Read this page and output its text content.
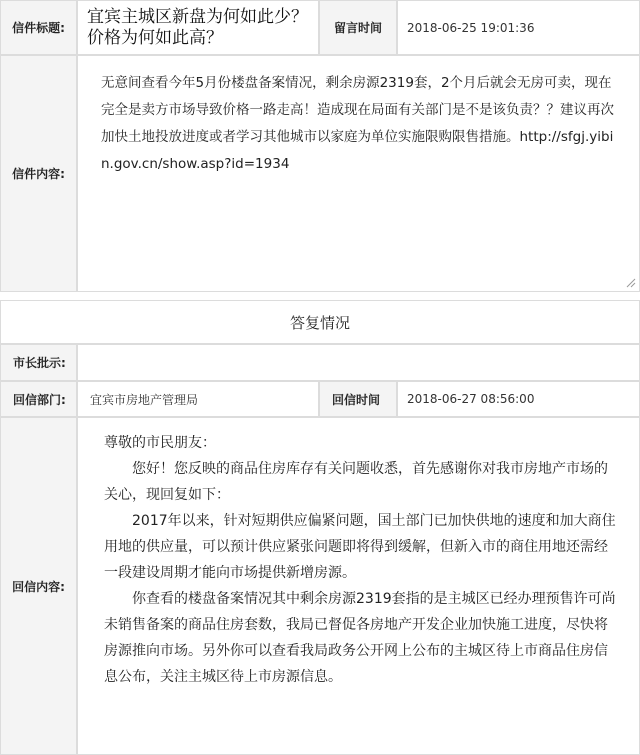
信件标题:
宜宾主城区新盘为何如此少？价格为何如此高？	留言时间	2018-06-25 19:01:36
信件内容:
无意间查看今年5月份楼盘备案情况，剩余房源2319套，2个月后就会无房可卖，现在完全是卖方市场导致价格一路走高！造成现在局面有关部门是不是该负责？？建议再次加快土地投放进度或者学习其他城市以家庭为单位实施限购限售措施。http://sfgj.yibin.gov.cn/show.asp?id=1934
答复情况
市长批示:
回信部门:	宜宾市房地产管理局	回信时间	2018-06-27 08:56:00
回信内容:

尊敬的市民朋友：

您好！您反映的商品住房库存有关问题收悉，首先感谢你对我市房地产市场的关心，现回复如下：

2017年以来，针对短期供应偏紧问题，国土部门已加快供地的速度和加大商住用地的供应量，可以预计供应紧张问题即将得到缓解，但新入市的商住用地还需经一段建设周期才能向市场提供新增房源。

你查看的楼盘备案情况其中剩余房源2319套指的是主城区已经办理预售许可尚未销售备案的商品住房套数，我局已督促各房地产开发企业加快施工进度，尽快将房源推向市场。另外你可以查看我局政务公开网上公布的主城区待上市商品住房信息公布，关注主城区待上市房源信息。
